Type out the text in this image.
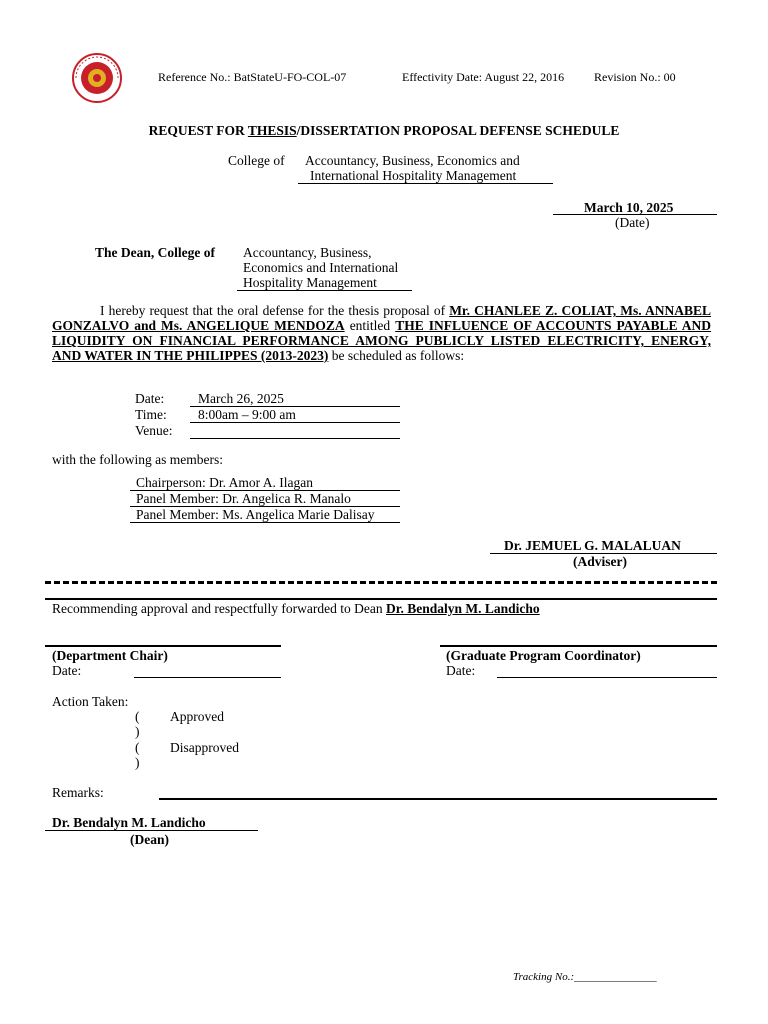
Reference No.: BatStateU-FO-COL-07	Effectivity Date: August 22, 2016 Revision No.: 00
REQUEST FOR THESIS/DISSERTATION PROPOSAL DEFENSE SCHEDULE
College of Accountancy, Business, Economics and
International Hospitality Management
March 10, 2025
(Date)
The Dean, College of Accountancy, Business,
Economics and International
Hospitality Management
I hereby request that the oral defense for the thesis proposal of Mr. CHANLEE Z. COLIAT, Ms. ANNABEL GONZALVO and Ms. ANGELIQUE MENDOZA entitled THE INFLUENCE OF ACCOUNTS PAYABLE AND LIQUIDITY ON FINANCIAL PERFORMANCE AMONG PUBLICLY LISTED ELECTRICITY, ENERGY, AND WATER IN THE PHILIPPES (2013-2023) be scheduled as follows:
Date:	March 26, 2025
Time: 8:00am – 9:00 am
Venue:
with the following as members:
Chairperson: Dr. Amor A. Ilagan
Panel Member: Dr. Angelica R. Manalo
Panel Member: Ms. Angelica Marie Dalisay
Dr. JEMUEL G. MALALUAN
(Adviser)
Recommending approval and respectfully forwarded to Dean Dr. Bendalyn M. Landicho
(Department Chair)
Date:
(Graduate Program Coordinator)
Date:
Action Taken:
(
)
Approved
(
)
Disapproved
Remarks:
Dr. Bendalyn M. Landicho
(Dean)
Tracking No.:_______________
